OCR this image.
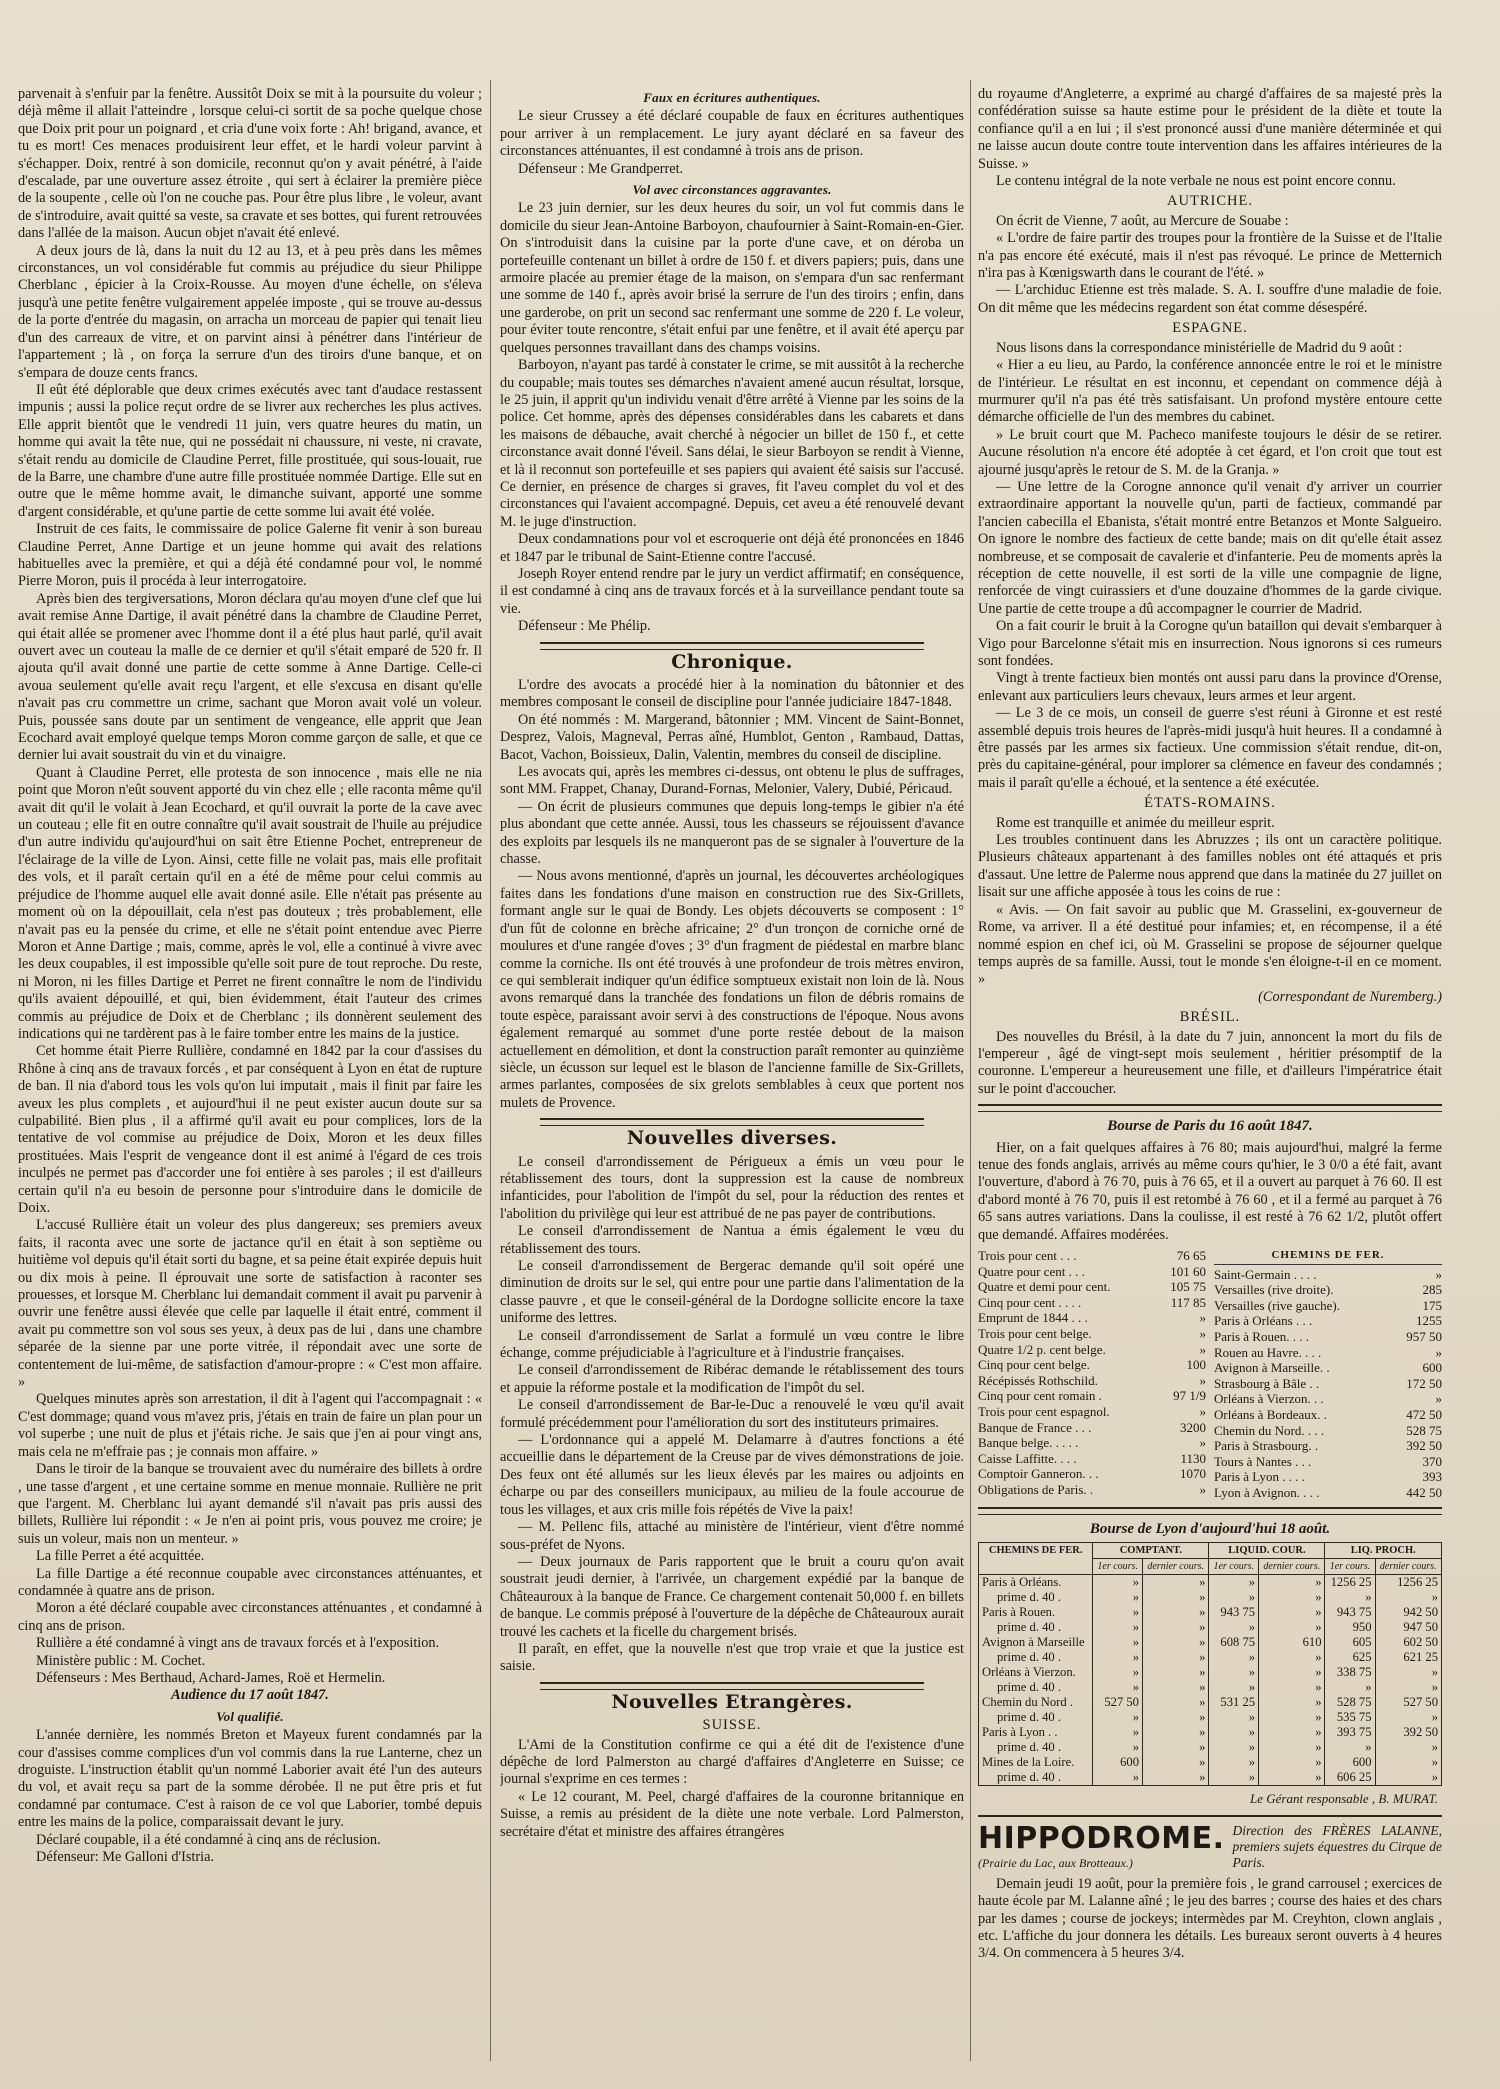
parvenait à s'enfuir par la fenêtre. Aussitôt Doix se mit à la poursuite du voleur ; déjà même il allait l'atteindre , lorsque celui-ci sortit de sa poche quelque chose que Doix prit pour un poignard , et cria d'une voix forte : Ah! brigand, avance, et tu es mort! Ces menaces produisirent leur effet, et le hardi voleur parvint à s'échapper. Doix, rentré à son domicile, reconnut qu'on y avait pénétré, à l'aide d'escalade, par une ouverture assez étroite , qui sert à éclairer la première pièce de la soupente , celle où l'on ne couche pas. Pour être plus libre , le voleur, avant de s'introduire, avait quitté sa veste, sa cravate et ses bottes, qui furent retrouvées dans l'allée de la maison. Aucun objet n'avait été enlevé.

A deux jours de là, dans la nuit du 12 au 13, et à peu près dans les mêmes circonstances, un vol considérable fut commis au préjudice du sieur Philippe Cherblanc , épicier à la Croix-Rousse. Au moyen d'une échelle, on s'éleva jusqu'à une petite fenêtre vulgairement appelée imposte , qui se trouve au-dessus de la porte d'entrée du magasin, on arracha un morceau de papier qui tenait lieu d'un des carreaux de vitre, et on parvint ainsi à pénétrer dans l'intérieur de l'appartement ; là , on força la serrure d'un des tiroirs d'une banque, et on s'empara de douze cents francs.

Il eût été déplorable que deux crimes exécutés avec tant d'audace restassent impunis ; aussi la police reçut ordre de se livrer aux recherches les plus actives. Elle apprit bientôt que le vendredi 11 juin, vers quatre heures du matin, un homme qui avait la tête nue, qui ne possédait ni chaussure, ni veste, ni cravate, s'était rendu au domicile de Claudine Perret, fille prostituée, qui sous-louait, rue de la Barre, une chambre d'une autre fille prostituée nommée Dartige. Elle sut en outre que le même homme avait, le dimanche suivant, apporté une somme d'argent considérable, et qu'une partie de cette somme lui avait été volée.

Instruit de ces faits, le commissaire de police Galerne fit venir à son bureau Claudine Perret, Anne Dartige et un jeune homme qui avait des relations habituelles avec la première, et qui a déjà été condamné pour vol, le nommé Pierre Moron, puis il procéda à leur interrogatoire.

Après bien des tergiversations, Moron déclara qu'au moyen d'une clef que lui avait remise Anne Dartige, il avait pénétré dans la chambre de Claudine Perret, qui était allée se promener avec l'homme dont il a été plus haut parlé, qu'il avait ouvert avec un couteau la malle de ce dernier et qu'il s'était emparé de 520 fr. Il ajouta qu'il avait donné une partie de cette somme à Anne Dartige. Celle-ci avoua seulement qu'elle avait reçu l'argent, et elle s'excusa en disant qu'elle n'avait pas cru commettre un crime, sachant que Moron avait volé un voleur. Puis, poussée sans doute par un sentiment de vengeance, elle apprit que Jean Ecochard avait employé quelque temps Moron comme garçon de salle, et que ce dernier lui avait soustrait du vin et du vinaigre.

Quant à Claudine Perret, elle protesta de son innocence , mais elle ne nia point que Moron n'eût souvent apporté du vin chez elle ; elle raconta même qu'il avait dit qu'il le volait à Jean Ecochard, et qu'il ouvrait la porte de la cave avec un couteau ; elle fit en outre connaître qu'il avait soustrait de l'huile au préjudice d'un autre individu qu'aujourd'hui on sait être Etienne Pochet, entrepreneur de l'éclairage de la ville de Lyon. Ainsi, cette fille ne volait pas, mais elle profitait des vols, et il paraît certain qu'il en a été de même pour celui commis au préjudice de l'homme auquel elle avait donné asile. Elle n'était pas présente au moment où on la dépouillait, cela n'est pas douteux ; très probablement, elle n'avait pas eu la pensée du crime, et elle ne s'était point entendue avec Pierre Moron et Anne Dartige ; mais, comme, après le vol, elle a continué à vivre avec les deux coupables, il est impossible qu'elle soit pure de tout reproche. Du reste, ni Moron, ni les filles Dartige et Perret ne firent connaître le nom de l'individu qu'ils avaient dépouillé, et qui, bien évidemment, était l'auteur des crimes commis au préjudice de Doix et de Cherblanc ; ils donnèrent seulement des indications qui ne tardèrent pas à le faire tomber entre les mains de la justice.

Cet homme était Pierre Rullière, condamné en 1842 par la cour d'assises du Rhône à cinq ans de travaux forcés , et par conséquent à Lyon en état de rupture de ban. Il nia d'abord tous les vols qu'on lui imputait , mais il finit par faire les aveux les plus complets , et aujourd'hui il ne peut exister aucun doute sur sa culpabilité. Bien plus , il a affirmé qu'il avait eu pour complices, lors de la tentative de vol commise au préjudice de Doix, Moron et les deux filles prostituées. Mais l'esprit de vengeance dont il est animé à l'égard de ces trois inculpés ne permet pas d'accorder une foi entière à ses paroles ; il est d'ailleurs certain qu'il n'a eu besoin de personne pour s'introduire dans le domicile de Doix.

L'accusé Rullière était un voleur des plus dangereux; ses premiers aveux faits, il raconta avec une sorte de jactance qu'il en était à son septième ou huitième vol depuis qu'il était sorti du bagne, et sa peine était expirée depuis huit ou dix mois à peine. Il éprouvait une sorte de satisfaction à raconter ses prouesses, et lorsque M. Cherblanc lui demandait comment il avait pu parvenir à ouvrir une fenêtre aussi élevée que celle par laquelle il était entré, comment il avait pu commettre son vol sous ses yeux, à deux pas de lui , dans une chambre séparée de la sienne par une porte vitrée, il répondait avec une sorte de contentement de lui-même, de satisfaction d'amour-propre : « C'est mon affaire. »

Quelques minutes après son arrestation, il dit à l'agent qui l'accompagnait : « C'est dommage; quand vous m'avez pris, j'étais en train de faire un plan pour un vol superbe ; une nuit de plus et j'étais riche. Je sais que j'en ai pour vingt ans, mais cela ne m'effraie pas ; je connais mon affaire. »

Dans le tiroir de la banque se trouvaient avec du numéraire des billets à ordre , une tasse d'argent , et une certaine somme en menue monnaie. Rullière ne prit que l'argent. M. Cherblanc lui ayant demandé s'il n'avait pas pris aussi des billets, Rullière lui répondit : « Je n'en ai point pris, vous pouvez me croire; je suis un voleur, mais non un menteur. »

La fille Perret a été acquittée.

La fille Dartige a été reconnue coupable avec circonstances atténuantes, et condamnée à quatre ans de prison.

Moron a été déclaré coupable avec circonstances atténuantes , et condamné à cinq ans de prison.

Rullière a été condamné à vingt ans de travaux forcés et à l'exposition.

Ministère public : M. Cochet.

Défenseurs : Mes Berthaud, Achard-James, Roë et Hermelin.

Audience du 17 août 1847.
Vol qualifié.

L'année dernière, les nommés Breton et Mayeux furent condamnés par la cour d'assises comme complices d'un vol commis dans la rue Lanterne, chez un droguiste. L'instruction établit qu'un nommé Laborier avait été l'un des auteurs du vol, et avait reçu sa part de la somme dérobée. Il ne put être pris et fut condamné par contumace. C'est à raison de ce vol que Laborier, tombé depuis entre les mains de la police, comparaissait devant le jury.

Déclaré coupable, il a été condamné à cinq ans de réclusion.

Défenseur: Me Galloni d'Istria.

Faux en écritures authentiques.

Le sieur Crussey a été déclaré coupable de faux en écritures authentiques pour arriver à un remplacement. Le jury ayant déclaré en sa faveur des circonstances atténuantes, il est condamné à trois ans de prison.

Défenseur : Me Grandperret.

Vol avec circonstances aggravantes.

Le 23 juin dernier, sur les deux heures du soir, un vol fut commis dans le domicile du sieur Jean-Antoine Barboyon, chaufournier à Saint-Romain-en-Gier. On s'introduisit dans la cuisine par la porte d'une cave, et on déroba un portefeuille contenant un billet à ordre de 150 f. et divers papiers; puis, dans une armoire placée au premier étage de la maison, on s'empara d'un sac renfermant une somme de 140 f., après avoir brisé la serrure de l'un des tiroirs ; enfin, dans une garderobe, on prit un second sac renfermant une somme de 220 f. Le voleur, pour éviter toute rencontre, s'était enfui par une fenêtre, et il avait été aperçu par quelques personnes travaillant dans des champs voisins.

Barboyon, n'ayant pas tardé à constater le crime, se mit aussitôt à la recherche du coupable; mais toutes ses démarches n'avaient amené aucun résultat, lorsque, le 25 juin, il apprit qu'un individu venait d'être arrêté à Vienne par les soins de la police. Cet homme, après des dépenses considérables dans les cabarets et dans les maisons de débauche, avait cherché à négocier un billet de 150 f., et cette circonstance avait donné l'éveil. Sans délai, le sieur Barboyon se rendit à Vienne, et là il reconnut son portefeuille et ses papiers qui avaient été saisis sur l'accusé. Ce dernier, en présence de charges si graves, fit l'aveu complet du vol et des circonstances qui l'avaient accompagné. Depuis, cet aveu a été renouvelé devant M. le juge d'instruction.

Deux condamnations pour vol et escroquerie ont déjà été prononcées en 1846 et 1847 par le tribunal de Saint-Etienne contre l'accusé.

Joseph Royer entend rendre par le jury un verdict affirmatif; en conséquence, il est condamné à cinq ans de travaux forcés et à la surveillance pendant toute sa vie.

Défenseur : Me Phélip.

Chronique.

L'ordre des avocats a procédé hier à la nomination du bâtonnier et des membres composant le conseil de discipline pour l'année judiciaire 1847-1848.

On été nommés : M. Margerand, bâtonnier ; MM. Vincent de Saint-Bonnet, Desprez, Valois, Magneval, Perras aîné, Humblot, Genton , Rambaud, Dattas, Bacot, Vachon, Boissieux, Dalin, Valentin, membres du conseil de discipline.

Les avocats qui, après les membres ci-dessus, ont obtenu le plus de suffrages, sont MM. Frappet, Chanay, Durand-Fornas, Melonier, Valery, Dubié, Péricaud.

— On écrit de plusieurs communes que depuis long-temps le gibier n'a été plus abondant que cette année. Aussi, tous les chasseurs se réjouissent d'avance des exploits par lesquels ils ne manqueront pas de se signaler à l'ouverture de la chasse.

— Nous avons mentionné, d'après un journal, les découvertes archéologiques faites dans les fondations d'une maison en construction rue des Six-Grillets, formant angle sur le quai de Bondy. Les objets découverts se composent : 1° d'un fût de colonne en brèche africaine; 2° d'un tronçon de corniche orné de moulures et d'une rangée d'oves ; 3° d'un fragment de piédestal en marbre blanc comme la corniche. Ils ont été trouvés à une profondeur de trois mètres environ, ce qui semblerait indiquer qu'un édifice somptueux existait non loin de là. Nous avons remarqué dans la tranchée des fondations un filon de débris romains de toute espèce, paraissant avoir servi à des constructions de l'époque. Nous avons également remarqué au sommet d'une porte restée debout de la maison actuellement en démolition, et dont la construction paraît remonter au quinzième siècle, un écusson sur lequel est le blason de l'ancienne famille de Six-Grillets, armes parlantes, composées de six grelots semblables à ceux que portent nos mulets de Provence.

Nouvelles diverses.

Le conseil d'arrondissement de Périgueux a émis un vœu pour le rétablissement des tours, dont la suppression est la cause de nombreux infanticides, pour l'abolition de l'impôt du sel, pour la réduction des rentes et l'abolition du privilège qui leur est attribué de ne pas payer de contributions.

Le conseil d'arrondissement de Nantua a émis également le vœu du rétablissement des tours.

Le conseil d'arrondissement de Bergerac demande qu'il soit opéré une diminution de droits sur le sel, qui entre pour une partie dans l'alimentation de la classe pauvre , et que le conseil-général de la Dordogne sollicite encore la taxe uniforme des lettres.

Le conseil d'arrondissement de Sarlat a formulé un vœu contre le libre échange, comme préjudiciable à l'agriculture et à l'industrie françaises.

Le conseil d'arrondissement de Ribérac demande le rétablissement des tours et appuie la réforme postale et la modification de l'impôt du sel.

Le conseil d'arrondissement de Bar-le-Duc a renouvelé le vœu qu'il avait formulé précédemment pour l'amélioration du sort des instituteurs primaires.

— L'ordonnance qui a appelé M. Delamarre à d'autres fonctions a été accueillie dans le département de la Creuse par de vives démonstrations de joie. Des feux ont été allumés sur les lieux élevés par les maires ou adjoints en écharpe ou par des conseillers municipaux, au milieu de la foule accourue de tous les villages, et aux cris mille fois répétés de Vive la paix!

— M. Pellenc fils, attaché au ministère de l'intérieur, vient d'être nommé sous-préfet de Nyons.

— Deux journaux de Paris rapportent que le bruit a couru qu'on avait soustrait jeudi dernier, à l'arrivée, un chargement expédié par la banque de Châteauroux à la banque de France. Ce chargement contenait 50,000 f. en billets de banque. Le commis préposé à l'ouverture de la dépêche de Châteauroux aurait trouvé les cachets et la ficelle du chargement brisés.

Il paraît, en effet, que la nouvelle n'est que trop vraie et que la justice est saisie.

Nouvelles Etrangères.
SUISSE.

L'Ami de la Constitution confirme ce qui a été dit de l'existence d'une dépêche de lord Palmerston au chargé d'affaires d'Angleterre en Suisse; ce journal s'exprime en ces termes :

« Le 12 courant, M. Peel, chargé d'affaires de la couronne britannique en Suisse, a remis au président de la diète une note verbale. Lord Palmerston, secrétaire d'état et ministre des affaires étrangères

du royaume d'Angleterre, a exprimé au chargé d'affaires de sa majesté près la confédération suisse sa haute estime pour le président de la diète et toute la confiance qu'il a en lui ; il s'est prononcé aussi d'une manière déterminée et qui ne laisse aucun doute contre toute intervention dans les affaires intérieures de la Suisse. »

Le contenu intégral de la note verbale ne nous est point encore connu.

AUTRICHE.

On écrit de Vienne, 7 août, au Mercure de Souabe :

« L'ordre de faire partir des troupes pour la frontière de la Suisse et de l'Italie n'a pas encore été exécuté, mais il n'est pas révoqué. Le prince de Metternich n'ira pas à Kœnigswarth dans le courant de l'été. »

— L'archiduc Etienne est très malade. S. A. I. souffre d'une maladie de foie. On dit même que les médecins regardent son état comme désespéré.

ESPAGNE.

Nous lisons dans la correspondance ministérielle de Madrid du 9 août :

« Hier a eu lieu, au Pardo, la conférence annoncée entre le roi et le ministre de l'intérieur. Le résultat en est inconnu, et cependant on commence déjà à murmurer qu'il n'a pas été très satisfaisant. Un profond mystère entoure cette démarche officielle de l'un des membres du cabinet.

» Le bruit court que M. Pacheco manifeste toujours le désir de se retirer. Aucune résolution n'a encore été adoptée à cet égard, et l'on croit que tout est ajourné jusqu'après le retour de S. M. de la Granja. »

— Une lettre de la Corogne annonce qu'il venait d'y arriver un courrier extraordinaire apportant la nouvelle qu'un, parti de factieux, commandé par l'ancien cabecilla el Ebanista, s'était montré entre Betanzos et Monte Salgueiro. On ignore le nombre des factieux de cette bande; mais on dit qu'elle était assez nombreuse, et se composait de cavalerie et d'infanterie. Peu de moments après la réception de cette nouvelle, il est sorti de la ville une compagnie de ligne, renforcée de vingt cuirassiers et d'une douzaine d'hommes de la garde civique. Une partie de cette troupe a dû accompagner le courrier de Madrid.

On a fait courir le bruit à la Corogne qu'un bataillon qui devait s'embarquer à Vigo pour Barcelonne s'était mis en insurrection. Nous ignorons si ces rumeurs sont fondées.

Vingt à trente factieux bien montés ont aussi paru dans la province d'Orense, enlevant aux particuliers leurs chevaux, leurs armes et leur argent.

— Le 3 de ce mois, un conseil de guerre s'est réuni à Gironne et est resté assemblé depuis trois heures de l'après-midi jusqu'à huit heures. Il a condamné à être passés par les armes six factieux. Une commission s'était rendue, dit-on, près du capitaine-général, pour implorer sa clémence en faveur des condamnés ; mais il paraît qu'elle a échoué, et la sentence a été exécutée.

ÉTATS-ROMAINS.

Rome est tranquille et animée du meilleur esprit.

Les troubles continuent dans les Abruzzes ; ils ont un caractère politique. Plusieurs châteaux appartenant à des familles nobles ont été attaqués et pris d'assaut. Une lettre de Palerme nous apprend que dans la matinée du 27 juillet on lisait sur une affiche apposée à tous les coins de rue :

« Avis. — On fait savoir au public que M. Grasselini, ex-gouverneur de Rome, va arriver. Il a été destitué pour infamies; et, en récompense, il a été nommé espion en chef ici, où M. Grasselini se propose de séjourner quelque temps auprès de sa famille. Aussi, tout le monde s'en éloigne-t-il en ce moment. »

(Correspondant de Nuremberg.)
BRÉSIL.

Des nouvelles du Brésil, à la date du 7 juin, annoncent la mort du fils de l'empereur , âgé de vingt-sept mois seulement , héritier présomptif de la couronne. L'empereur a heureusement une fille, et d'ailleurs l'impératrice était sur le point d'accoucher.

Bourse de Paris du 16 août 1847.

Hier, on a fait quelques affaires à 76 80; mais aujourd'hui, malgré la ferme tenue des fonds anglais, arrivés au même cours qu'hier, le 3 0/0 a été fait, avant l'ouverture, d'abord à 76 70, puis à 76 65, et il a ouvert au parquet à 76 60. Il est d'abord monté à 76 70, puis il est retombé à 76 60 , et il a fermé au parquet à 76 65 sans autres variations. Dans la coulisse, il est resté à 76 62 1/2, plutôt offert que demandé. Affaires modérées.

Trois pour cent . . .	76 65
Quatre pour cent . . .	101 60
Quatre et demi pour cent.	105 75
Cinq pour cent . . . .	117 85
Emprunt de 1844 . . .	»
Trois pour cent belge.	»
Quatre 1/2 p. cent belge.	»
Cinq pour cent belge.	100
Récépissés Rothschild.	»
Cinq pour cent romain .	97 1/9
Trois pour cent espagnol.	»
Banque de France . . .	3200
Banque belge. . . . .	»
Caisse Laffitte. . . .	1130
Comptoir Ganneron. . .	1070
Obligations de Paris. .	»
CHEMINS DE FER.
Saint-Germain . . . .	»
Versailles (rive droite).	285
Versailles (rive gauche).	175
Paris à Orléans . . .	1255
Paris à Rouen. . . .	957 50
Rouen au Havre. . . .	»
Avignon à Marseille. .	600
Strasbourg à Bâle . .	172 50
Orléans à Vierzon. . .	»
Orléans à Bordeaux. .	472 50
Chemin du Nord. . . .	528 75
Paris à Strasbourg. .	392 50
Tours à Nantes . . .	370
Paris à Lyon . . . .	393
Lyon à Avignon. . . .	442 50
Bourse de Lyon d'aujourd'hui 18 août.
CHEMINS DE FER.	COMPTANT.		LIQUID. COUR.		LIQ. PROCH.	
	1er cours.	dernier cours.	1er cours.	dernier cours.	1er cours.	dernier cours.
Paris à Orléans.	»	»	»	»	1256 25	1256 25
prime d. 40 .	»	»	»	»	»	»
Paris à Rouen.	»	»	943 75	»	943 75	942 50
prime d. 40 .	»	»	»	»	950	947 50
Avignon à Marseille	»	»	608 75	610	605	602 50
prime d. 40 .	»	»	»	»	625	621 25
Orléans à Vierzon.	»	»	»	»	338 75	»
prime d. 40 .	»	»	»	»	»	»
Chemin du Nord .	527 50	»	531 25	»	528 75	527 50
prime d. 40 .	»	»	»	»	535 75	»
Paris à Lyon . .	»	»	»	»	393 75	392 50
prime d. 40 .	»	»	»	»	»	»
Mines de la Loire.	600	»	»	»	600	»
prime d. 40 .	»	»	»	»	606 25	»
Le Gérant responsable , B. MURAT.
HIPPODROME.
(Prairie du Lac, aux Brotteaux.)
Direction des FRÈRES LALANNE, premiers sujets équestres du Cirque de Paris.

Demain jeudi 19 août, pour la première fois , le grand carrousel ; exercices de haute école par M. Lalanne aîné ; le jeu des barres ; course des haies et des chars par les dames ; course de jockeys; intermèdes par M. Creyhton, clown anglais , etc. L'affiche du jour donnera les détails. Les bureaux seront ouverts à 4 heures 3/4. On commencera à 5 heures 3/4.
